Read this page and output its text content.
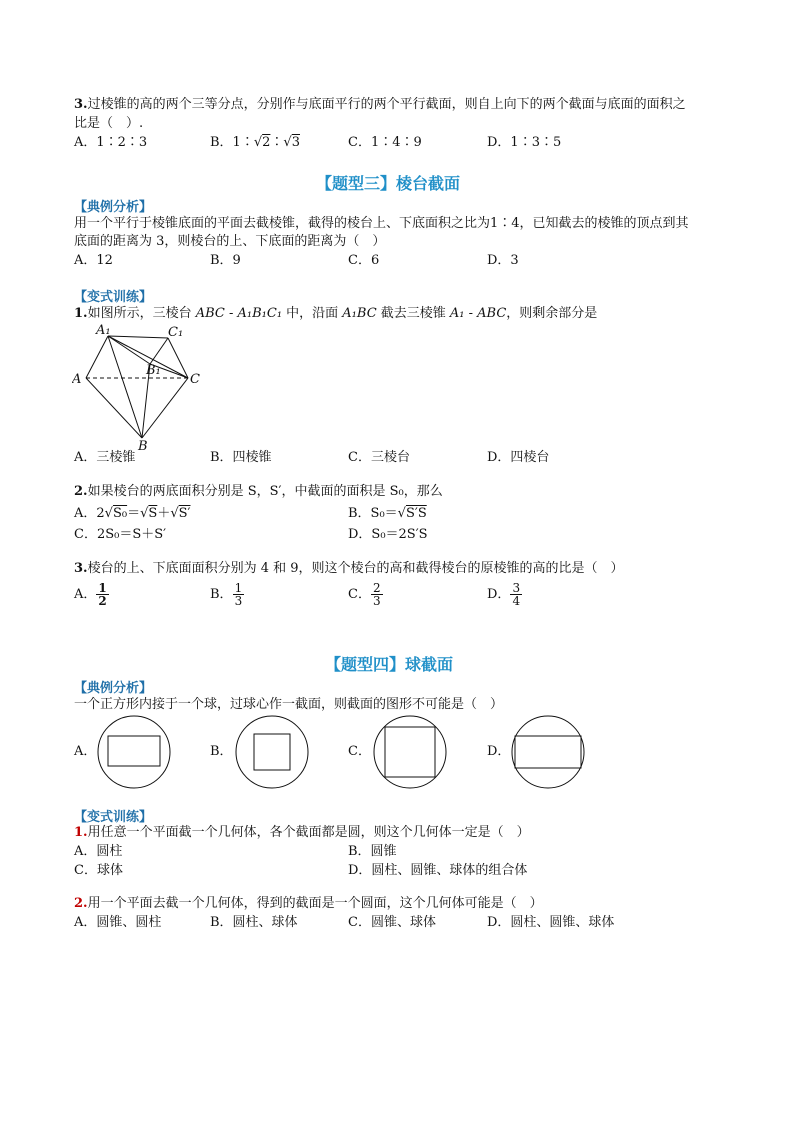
3.过棱锥的高的两个三等分点，分别作与底面平行的两个平行截面，则自上向下的两个截面与底面的面积之
比是（　）.
A．1∶2∶3	B．1∶√2∶√3	C．1∶4∶9	D．1∶3∶5
【题型三】棱台截面
【典例分析】
用一个平行于棱锥底面的平面去截棱锥，截得的棱台上、下底面积之比为1∶4，已知截去的棱锥的顶点到其
底面的距离为 3，则棱台的上、下底面的距离为（　）
A．12	B．9	C．6	D．3
【变式训练】
1.如图所示，三棱台 ABC - A₁B₁C₁ 中，沿面 A₁BC 截去三棱锥 A₁ - ABC，则剩余部分是
A₁	C₁
B₁
A	C
B
A．三棱锥	B．四棱锥	C．三棱台	D．四棱台
2.如果棱台的两底面积分别是 S，S′，中截面的面积是 S₀，那么
A．2√S₀＝√S＋√S′	B．S₀＝√S′S
C．2S₀＝S＋S′	D．S₀＝2S′S
3.棱台的上、下底面面积分别为 4 和 9，则这个棱台的高和截得棱台的原棱锥的高的比是（　）
A． $\frac{1}{2}$	B． $\frac{1}{3}$	C． $\frac{2}{3}$	D． $\frac{3}{4}$
【题型四】球截面
【典例分析】
一个正方形内接于一个球，过球心作一截面，则截面的图形不可能是（　）
A．	B．	C．	D．
【变式训练】
1.用任意一个平面截一个几何体，各个截面都是圆，则这个几何体一定是（　）
A．圆柱	B．圆锥
C．球体	D．圆柱、圆锥、球体的组合体
2.用一个平面去截一个几何体，得到的截面是一个圆面，这个几何体可能是（　）
A．圆锥、圆柱	B．圆柱、球体	C．圆锥、球体	D．圆柱、圆锥、球体
